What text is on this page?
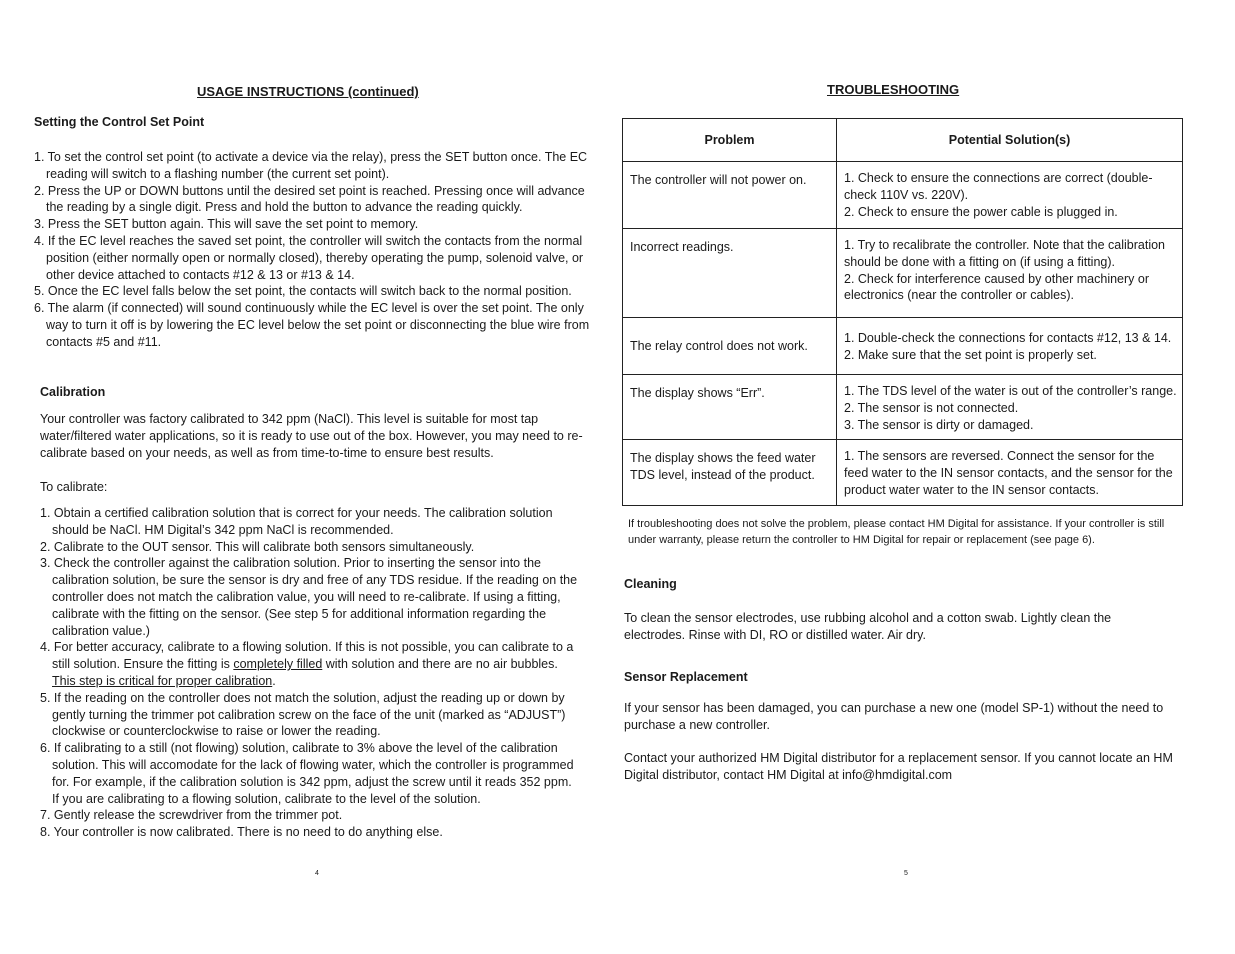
USAGE INSTRUCTIONS (continued)
Setting the Control Set Point
1. To set the control set point (to activate a device via the relay), press the SET button once. The EC reading will switch to a flashing number (the current set point).
2. Press the UP or DOWN buttons until the desired set point is reached. Pressing once will advance the reading by a single digit. Press and hold the button to advance the reading quickly.
3. Press the SET button again. This will save the set point to memory.
4. If the EC level reaches the saved set point, the controller will switch the contacts from the normal position (either normally open or normally closed), thereby operating the pump, solenoid valve, or other device attached to contacts #12 & 13 or #13 & 14.
5. Once the EC level falls below the set point, the contacts will switch back to the normal position.
6. The alarm (if connected) will sound continuously while the EC level is over the set point. The only way to turn it off is by lowering the EC level below the set point or disconnecting the blue wire from contacts #5 and #11.
Calibration
Your controller was factory calibrated to 342 ppm (NaCl). This level is suitable for most tap water/filtered water applications, so it is ready to use out of the box. However, you may need to re-calibrate based on your needs, as well as from time-to-time to ensure best results.
To calibrate:
1. Obtain a certified calibration solution that is correct for your needs. The calibration solution should be NaCl. HM Digital’s 342 ppm NaCl is recommended.
2. Calibrate to the OUT sensor. This will calibrate both sensors simultaneously.
3. Check the controller against the calibration solution. Prior to inserting the sensor into the calibration solution, be sure the sensor is dry and free of any TDS residue. If the reading on the controller does not match the calibration value, you will need to re-calibrate. If using a fitting, calibrate with the fitting on the sensor. (See step 5 for additional information regarding the calibration value.)
4. For better accuracy, calibrate to a flowing solution. If this is not possible, you can calibrate to a still solution. Ensure the fitting is completely filled with solution and there are no air bubbles. This step is critical for proper calibration.
5. If the reading on the controller does not match the solution, adjust the reading up or down by gently turning the trimmer pot calibration screw on the face of the unit (marked as “ADJUST”) clockwise or counterclockwise to raise or lower the reading.
6. If calibrating to a still (not flowing) solution, calibrate to 3% above the level of the calibration solution. This will accomodate for the lack of flowing water, which the controller is programmed for. For example, if the calibration solution is 342 ppm, adjust the screw until it reads 352 ppm. If you are calibrating to a flowing solution, calibrate to the level of the solution.
7. Gently release the screwdriver from the trimmer pot.
8. Your controller is now calibrated. There is no need to do anything else.
4
TROUBLESHOOTING
Problem	Potential Solution(s)
The controller will not power on.	1. Check to ensure the connections are correct (double-check 110V vs. 220V).
2. Check to ensure the power cable is plugged in.
Incorrect readings.	1. Try to recalibrate the controller. Note that the calibration should be done with a fitting on (if using a fitting).
2. Check for interference caused by other machinery or electronics (near the controller or cables).
The relay control does not work.	1. Double-check the connections for contacts #12, 13 & 14.
2. Make sure that the set point is properly set.
The display shows “Err”.	1. The TDS level of the water is out of the controller’s range.
2. The sensor is not connected.
3. The sensor is dirty or damaged.
The display shows the feed water TDS level, instead of the product.	1. The sensors are reversed. Connect the sensor for the feed water to the IN sensor contacts, and the sensor for the product water water to the IN sensor contacts.
If troubleshooting does not solve the problem, please contact HM Digital for assistance. If your controller is still under warranty, please return the controller to HM Digital for repair or replacement (see page 6).
Cleaning
To clean the sensor electrodes, use rubbing alcohol and a cotton swab. Lightly clean the electrodes. Rinse with DI, RO or distilled water. Air dry.
Sensor Replacement
If your sensor has been damaged, you can purchase a new one (model SP-1) without the need to purchase a new controller.
Contact your authorized HM Digital distributor for a replacement sensor. If you cannot locate an HM Digital distributor, contact HM Digital at info@hmdigital.com
5
